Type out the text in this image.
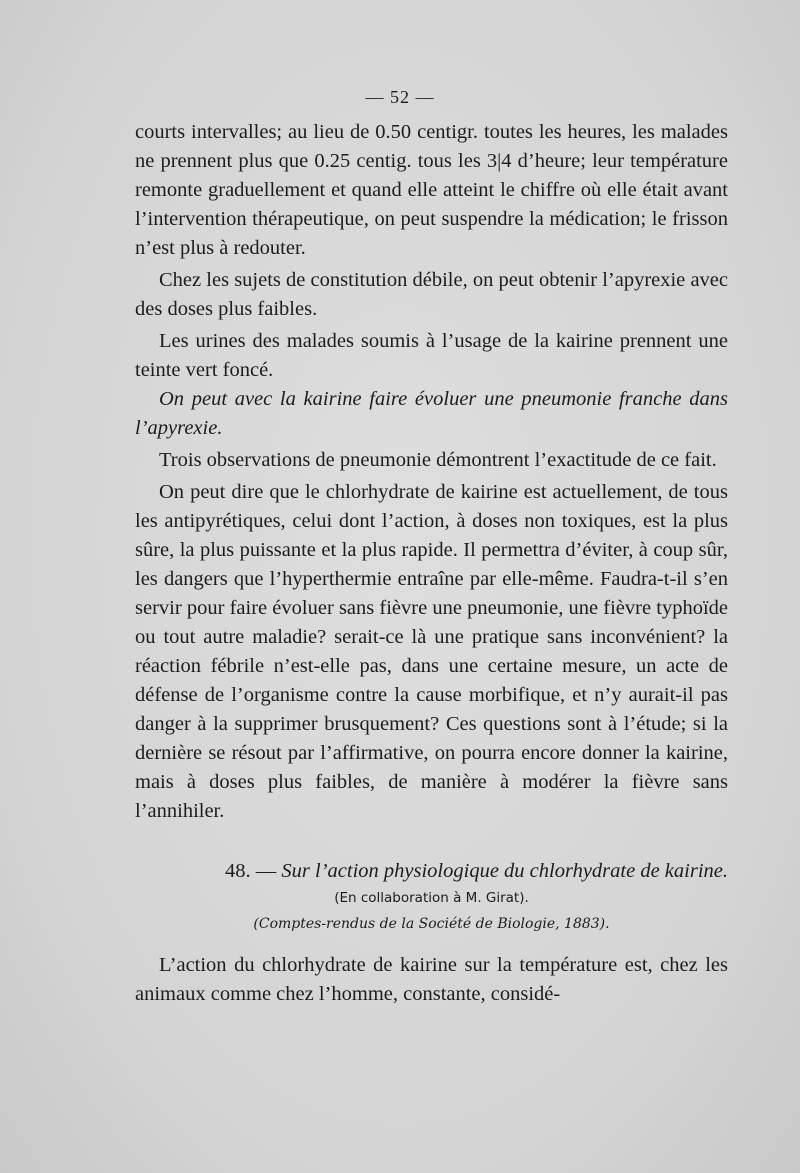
— 52 —

courts intervalles; au lieu de 0.50 centigr. toutes les heures, les malades ne prennent plus que 0.25 centig. tous les 3|4 d’heure; leur température remonte graduellement et quand elle atteint le chiffre où elle était avant l’intervention thérapeutique, on peut suspendre la médication; le frisson n’est plus à redouter.

Chez les sujets de constitution débile, on peut obtenir l’apyrexie avec des doses plus faibles.

Les urines des malades soumis à l’usage de la kairine prennent une teinte vert foncé.

On peut avec la kairine faire évoluer une pneumonie franche dans l’apyrexie.

Trois observations de pneumonie démontrent l’exactitude de ce fait.

On peut dire que le chlorhydrate de kairine est actuellement, de tous les antipyrétiques, celui dont l’action, à doses non toxiques, est la plus sûre, la plus puissante et la plus rapide. Il permettra d’éviter, à coup sûr, les dangers que l’hyperthermie entraîne par elle-même. Faudra-t-il s’en servir pour faire évoluer sans fièvre une pneumonie, une fièvre typhoïde ou tout autre maladie? serait-ce là une pratique sans inconvénient? la réaction fébrile n’est-elle pas, dans une certaine mesure, un acte de défense de l’organisme contre la cause morbifique, et n’y aurait-il pas danger à la supprimer brusquement? Ces questions sont à l’étude; si la dernière se résout par l’affirmative, on pourra encore donner la kairine, mais à doses plus faibles, de manière à modérer la fièvre sans l’annihiler.

48. — Sur l’action physiologique du chlorhydrate de kairine.
(En collaboration à M. Girat).
(Comptes-rendus de la Société de Biologie, 1883).

L’action du chlorhydrate de kairine sur la température est, chez les animaux comme chez l’homme, constante, considé-
